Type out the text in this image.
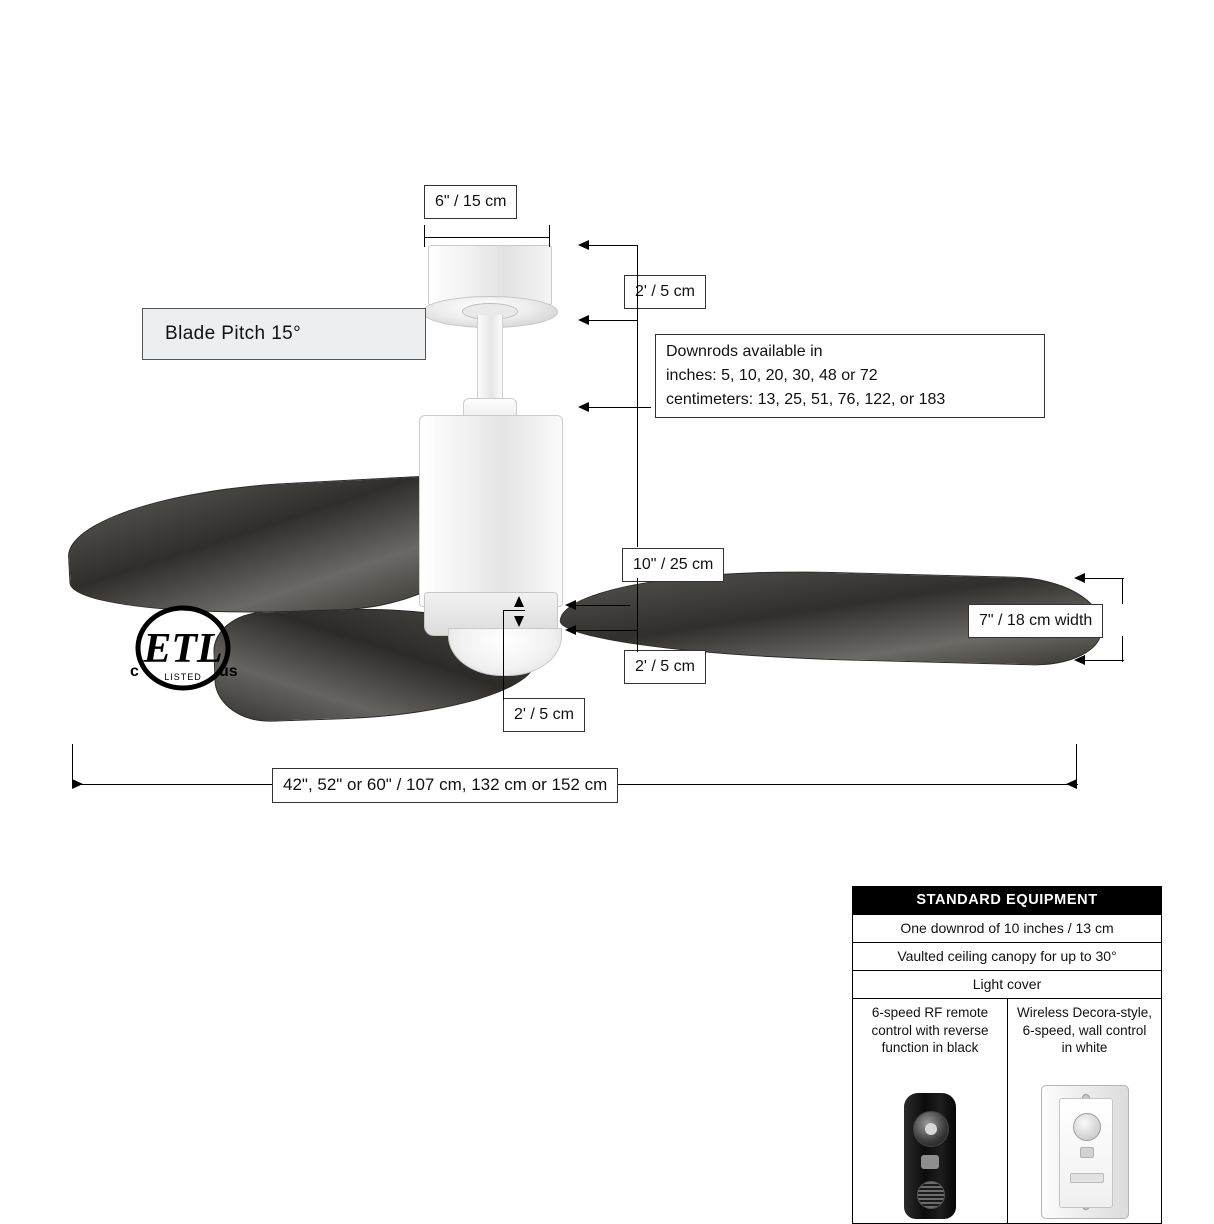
ETL
LISTED
c	us
Blade Pitch 15°
6" / 15 cm
2' / 5 cm
Downrods available in
inches: 5, 10, 20, 30, 48 or 72
centimeters: 13, 25, 51, 76, 122, or 183
10" / 25 cm
2' / 5 cm
2' / 5 cm
7" / 18 cm width
42", 52" or 60" / 107 cm, 132 cm or 152 cm
STANDARD EQUIPMENT
One downrod of 10 inches / 13 cm
Vaulted ceiling canopy for up to 30°
Light cover
6-speed RF remote
control with reverse
function in black
Wireless Decora-style,
6-speed, wall control
in white
